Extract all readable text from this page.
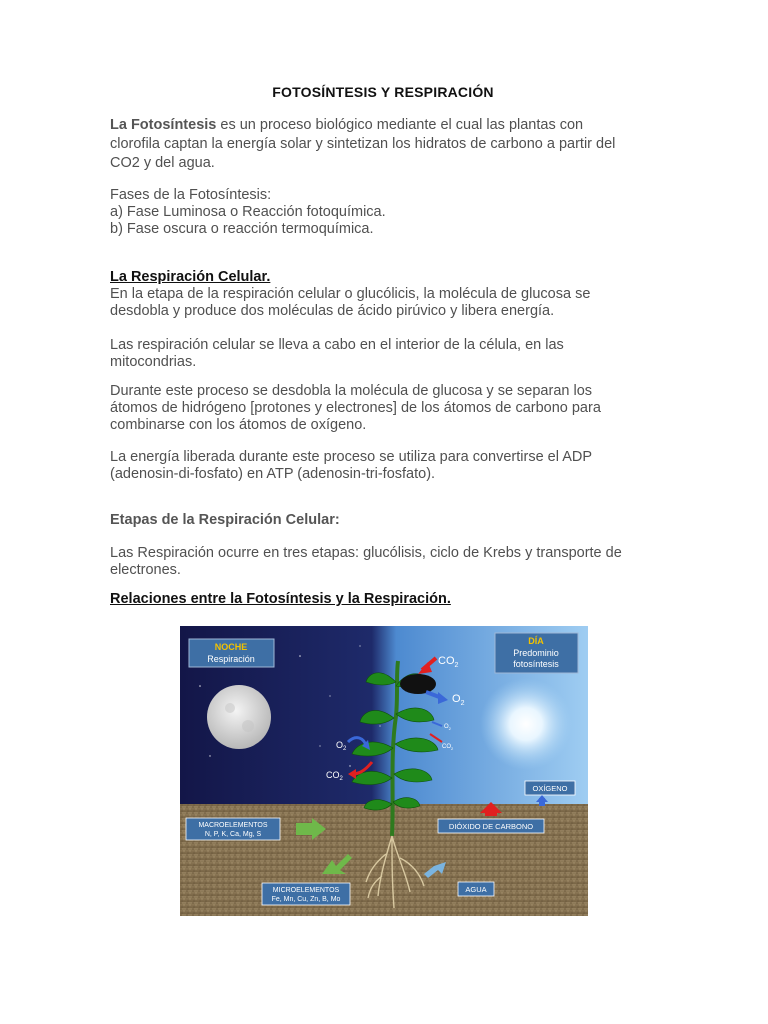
FOTOSÍNTESIS Y RESPIRACIÓN
La Fotosíntesis es un proceso biológico mediante el cual las plantas con
clorofila captan la energía solar y sintetizan los hidratos de carbono a partir del
CO2 y del agua.
Fases de la Fotosíntesis:
a) Fase Luminosa o Reacción fotoquímica.
b) Fase oscura o reacción termoquímica.
La Respiración Celular.
En la etapa de la respiración celular o glucólicis, la molécula de glucosa se
desdobla y produce dos moléculas de ácido pirúvico y libera energía.
Las respiración celular se lleva a cabo en el interior de la célula, en las
mitocondrias.
Durante este proceso se desdobla la molécula de glucosa y se separan los
átomos de hidrógeno [protones y electrones] de los átomos de carbono para
combinarse con los átomos de oxígeno.
La energía liberada durante este proceso se utiliza para convertirse el ADP
(adenosin-di-fosfato) en ATP (adenosin-tri-fosfato).
Etapas de la Respiración Celular:
Las Respiración ocurre en tres etapas: glucólisis, ciclo de Krebs y transporte de
electrones.
Relaciones entre la Fotosíntesis y la Respiración.
NOCHE
Respiración
DÍA
Predominio
fotosíntesis
$CO_2$
$O_2$
$O_2$
$CO_2$
$O_2$
$CO_2$
OXÍGENO
DIÓXIDO DE CARBONO
MACROELEMENTOS
N, P, K, Ca, Mg, S
MICROELEMENTOS
Fe, Mn, Cu, Zn, B, Mo
AGUA
